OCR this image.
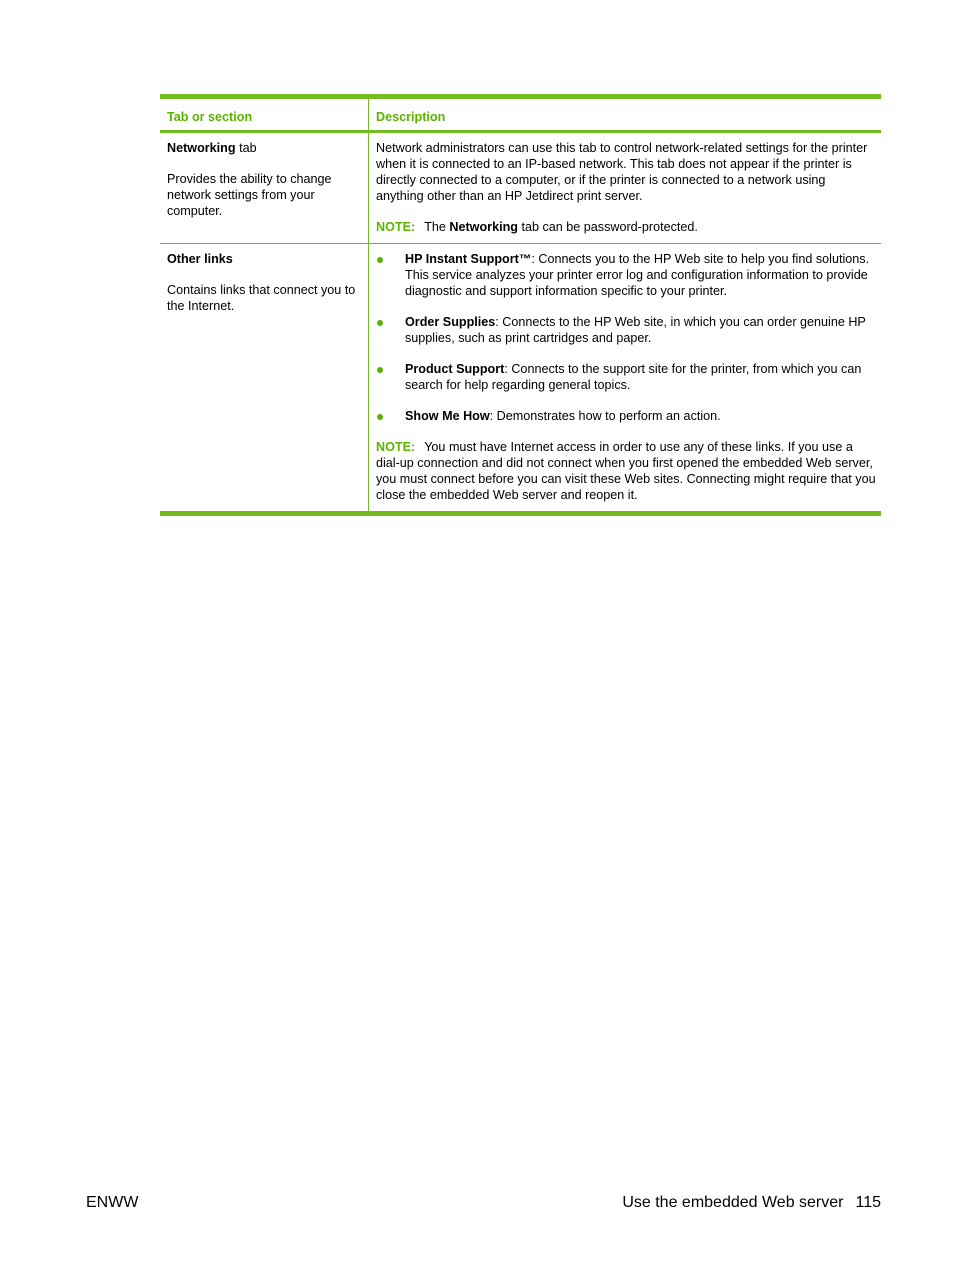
Tab or section	Description

Networking tab

Provides the ability to change network settings from your computer.

Network administrators can use this tab to control network-related settings for the printer when it is connected to an IP-based network. This tab does not appear if the printer is directly connected to a computer, or if the printer is connected to a network using anything other than an HP Jetdirect print server.

NOTE: The Networking tab can be password-protected.

Other links

Contains links that connect you to the Internet.

HP Instant Support™: Connects you to the HP Web site to help you find solutions. This service analyzes your printer error log and configuration information to provide diagnostic and support information specific to your printer.
Order Supplies: Connects to the HP Web site, in which you can order genuine HP supplies, such as print cartridges and paper.
Product Support: Connects to the support site for the printer, from which you can search for help regarding general topics.
Show Me How: Demonstrates how to perform an action.

NOTE: You must have Internet access in order to use any of these links. If you use a dial-up connection and did not connect when you first opened the embedded Web server, you must connect before you can visit these Web sites. Connecting might require that you close the embedded Web server and reopen it.

ENWW	Use the embedded Web server 115
